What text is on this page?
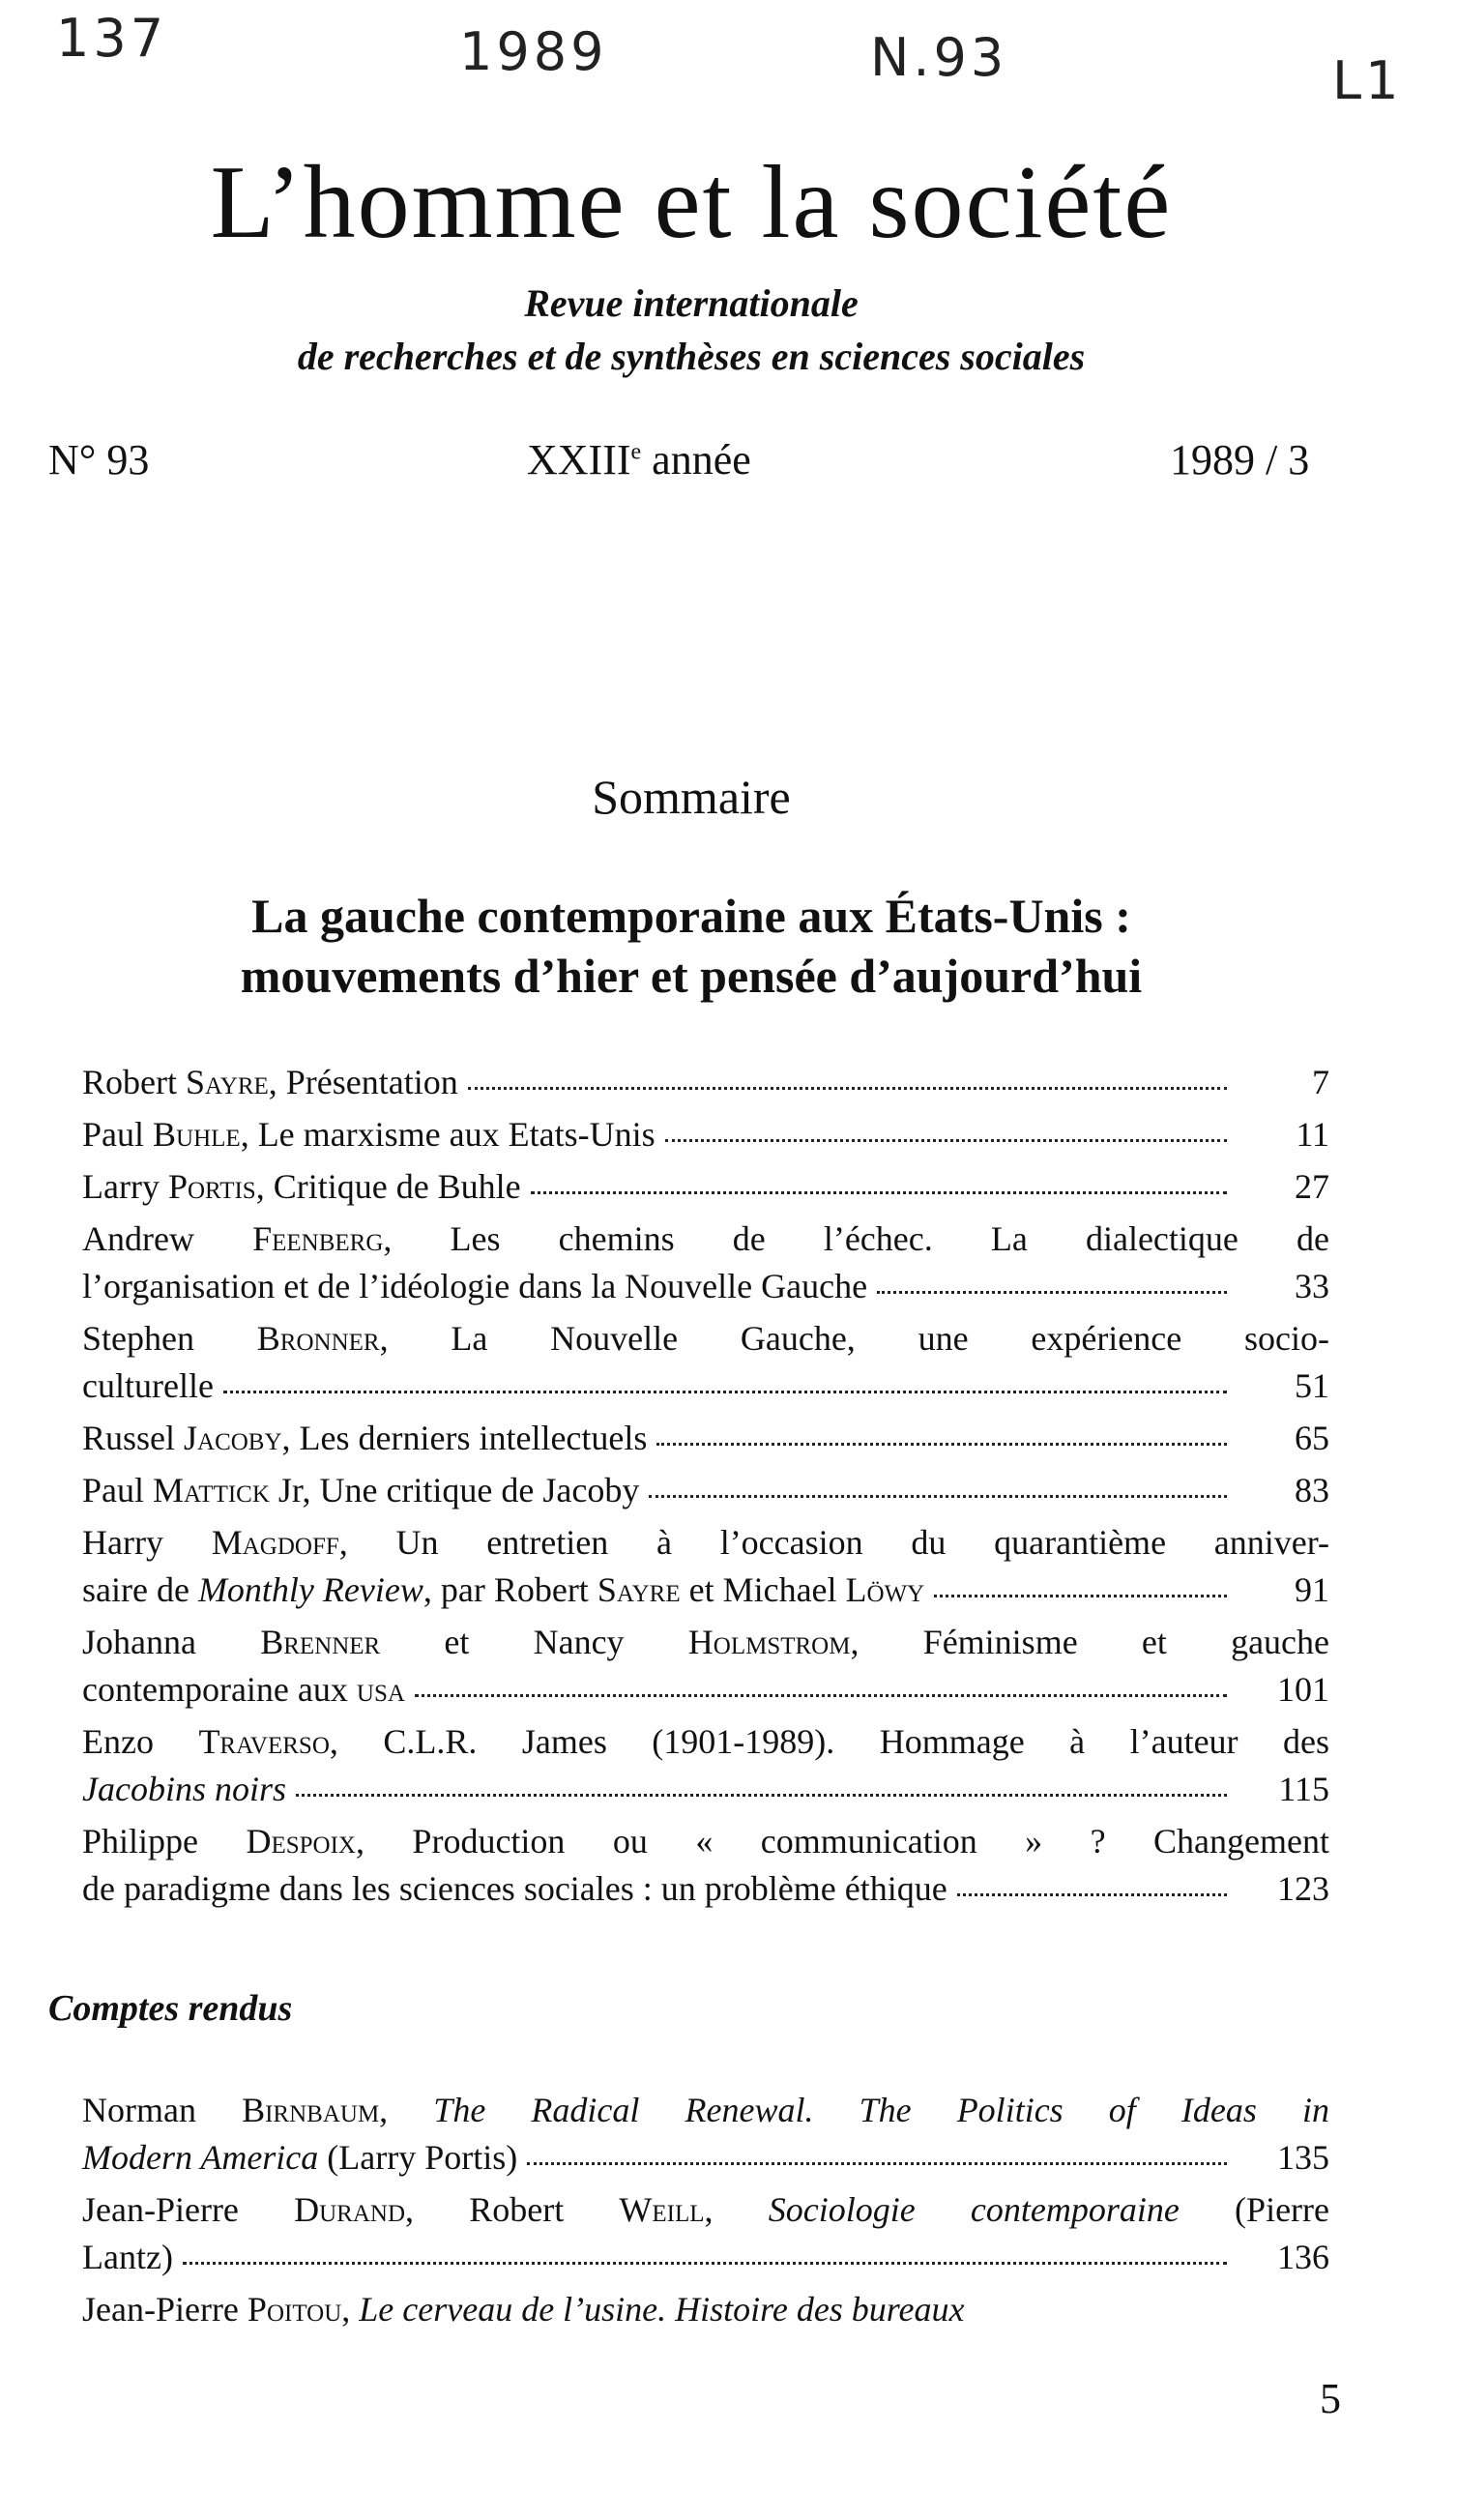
137	1989	N.93	L1
L’homme et la société
Revue internationale
de recherches et de synthèses en sciences sociales
N° 93	XXIIIe année	1989 / 3
Sommaire
La gauche contemporaine aux États-Unis :
mouvements d’hier et pensée d’aujourd’hui
Robert Sayre, Présentation	7
Paul Buhle, Le marxisme aux Etats-Unis	11
Larry Portis, Critique de Buhle	27
Andrew Feenberg, Les chemins de l’échec. La dialectique de
l’organisation et de l’idéologie dans la Nouvelle Gauche	33
Stephen Bronner, La Nouvelle Gauche, une expérience socio-
culturelle	51
Russel Jacoby, Les derniers intellectuels	65
Paul Mattick Jr, Une critique de Jacoby	83
Harry Magdoff, Un entretien à l’occasion du quarantième anniver-
saire de Monthly Review, par Robert Sayre et Michael Löwy	91
Johanna Brenner et Nancy Holmstrom, Féminisme et gauche
contemporaine aux usa	101
Enzo Traverso, C.L.R. James (1901-1989). Hommage à l’auteur des
Jacobins noirs	115
Philippe Despoix, Production ou « communication » ? Changement
de paradigme dans les sciences sociales : un problème éthique	123
Comptes rendus
Norman Birnbaum, The Radical Renewal. The Politics of Ideas in
Modern America (Larry Portis)	135
Jean-Pierre Durand, Robert Weill, Sociologie contemporaine (Pierre
Lantz)	136
Jean-Pierre Poitou, Le cerveau de l’usine. Histoire des bureaux
5
